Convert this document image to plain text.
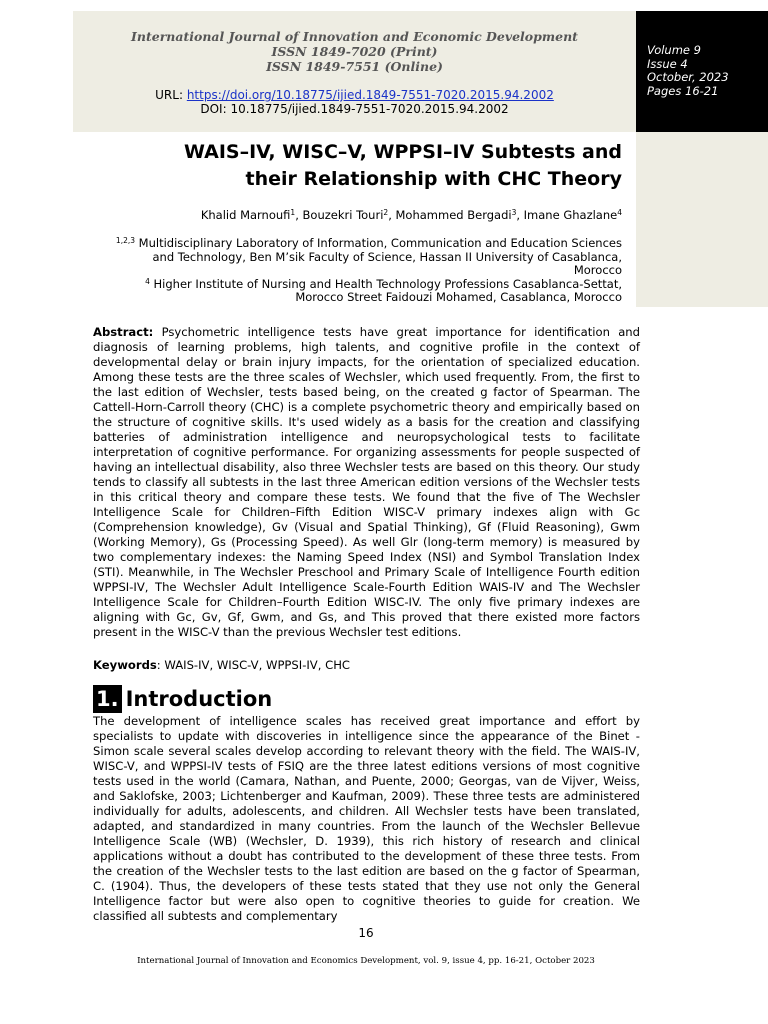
International Journal of Innovation and Economic Development
ISSN 1849-7020 (Print)
ISSN 1849-7551 (Online)
URL: https://doi.org/10.18775/ijied.1849-7551-7020.2015.94.2002
DOI: 10.18775/ijied.1849-7551-7020.2015.94.2002
Volume 9
Issue 4
October, 2023
Pages 16-21
WAIS–IV, WISC–V, WPPSI–IV Subtests and
their Relationship with CHC Theory
Khalid Marnoufi$^1$, Bouzekri Touri$^2$, Mohammed Bergadi$^3$, Imane Ghazlane$^4$
$^{1,2,3}$ Multidisciplinary Laboratory of Information, Communication and Education Sciences
and Technology, Ben M’sik Faculty of Science, Hassan II University of Casablanca,
Morocco
$^4$ Higher Institute of Nursing and Health Technology Professions Casablanca-Settat,
Morocco Street Faidouzi Mohamed, Casablanca, Morocco

Abstract: Psychometric intelligence tests have great importance for identification and diagnosis of learning problems, high talents, and cognitive profile in the context of developmental delay or brain injury impacts, for the orientation of specialized education. Among these tests are the three scales of Wechsler, which used frequently. From, the first to the last edition of Wechsler, tests based being, on the created g factor of Spearman. The Cattell-Horn-Carroll theory (CHC) is a complete psychometric theory and empirically based on the structure of cognitive skills. It's used widely as a basis for the creation and classifying batteries of administration intelligence and neuropsychological tests to facilitate interpretation of cognitive performance. For organizing assessments for people suspected of having an intellectual disability, also three Wechsler tests are based on this theory. Our study tends to classify all subtests in the last three American edition versions of the Wechsler tests in this critical theory and compare these tests. We found that the five of The Wechsler Intelligence Scale for Children–Fifth Edition WISC-V primary indexes align with Gc (Comprehension knowledge), Gv (Visual and Spatial Thinking), Gf (Fluid Reasoning), Gwm (Working Memory), Gs (Processing Speed). As well Glr (long-term memory) is measured by two complementary indexes: the Naming Speed Index (NSI) and Symbol Translation Index (STI). Meanwhile, in The Wechsler Preschool and Primary Scale of Intelligence Fourth edition WPPSI-IV, The Wechsler Adult Intelligence Scale-Fourth Edition WAIS-IV and The Wechsler Intelligence Scale for Children–Fourth Edition WISC-IV. The only five primary indexes are aligning with Gc, Gv, Gf, Gwm, and Gs, and This proved that there existed more factors present in the WISC-V than the previous Wechsler test editions.

Keywords: WAIS-IV, WISC-V, WPPSI-IV, CHC

1. Introduction

The development of intelligence scales has received great importance and effort by specialists to update with discoveries in intelligence since the appearance of the Binet - Simon scale several scales develop according to relevant theory with the field. The WAIS-IV, WISC-V, and WPPSI-IV tests of FSIQ are the three latest editions versions of most cognitive tests used in the world (Camara, Nathan, and Puente, 2000; Georgas, van de Vijver, Weiss, and Saklofske, 2003; Lichtenberger and Kaufman, 2009). These three tests are administered individually for adults, adolescents, and children. All Wechsler tests have been translated, adapted, and standardized in many countries. From the launch of the Wechsler Bellevue Intelligence Scale (WB) (Wechsler, D. 1939), this rich history of research and clinical applications without a doubt has contributed to the development of these three tests. From the creation of the Wechsler tests to the last edition are based on the g factor of Spearman, C. (1904). Thus, the developers of these tests stated that they use not only the General Intelligence factor but were also open to cognitive theories to guide for creation. We classified all subtests and complementary

16
International Journal of Innovation and Economics Development, vol. 9, issue 4, pp. 16-21, October 2023
